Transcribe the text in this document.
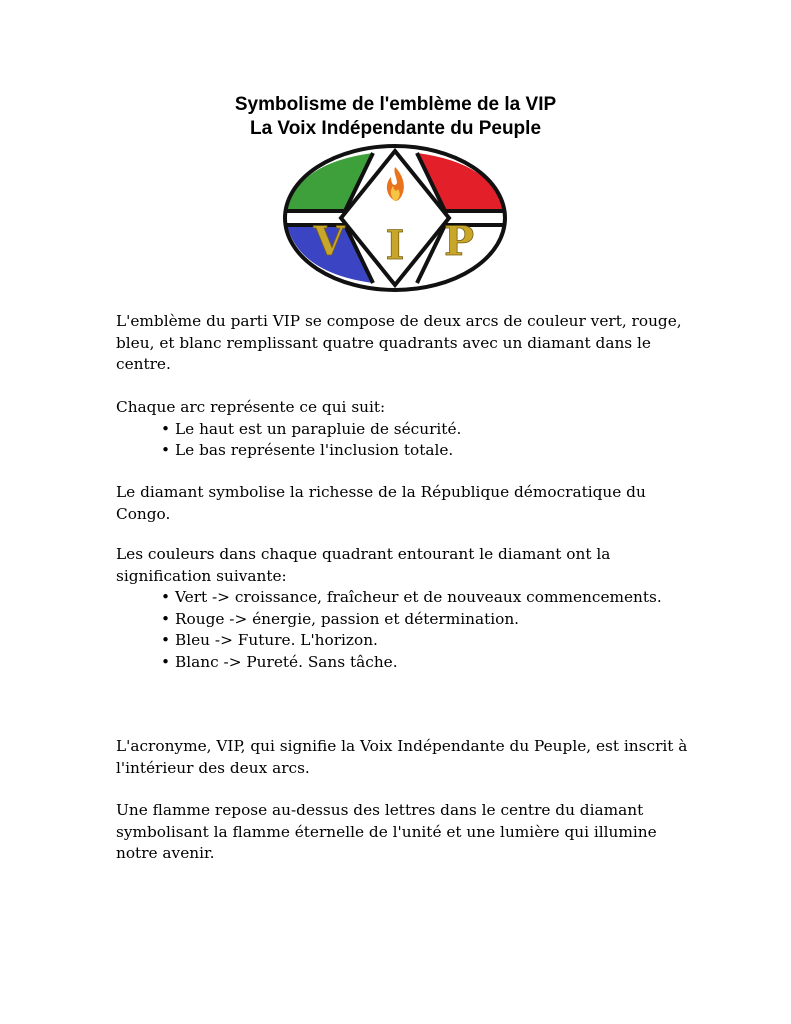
Symbolisme de l'emblème de la VIP
La Voix Indépendante du Peuple
V I P

L'emblème du parti VIP se compose de deux arcs de couleur vert, rouge, bleu, et blanc remplissant quatre quadrants avec un diamant dans le centre.

Chaque arc représente ce qui suit:

• Le haut est un parapluie de sécurité.
• Le bas représente l'inclusion totale.

Le diamant symbolise la richesse de la République démocratique du Congo.

Les couleurs dans chaque quadrant entourant le diamant ont la signification suivante:

• Vert -> croissance, fraîcheur et de nouveaux commencements.
• Rouge -> énergie, passion et détermination.
• Bleu -> Future. L'horizon.
• Blanc -> Pureté. Sans tâche.

L'acronyme, VIP, qui signifie la Voix Indépendante du Peuple, est inscrit à l'intérieur des deux arcs.

Une flamme repose au-dessus des lettres dans le centre du diamant symbolisant la flamme éternelle de l'unité et une lumière qui illumine notre avenir.
